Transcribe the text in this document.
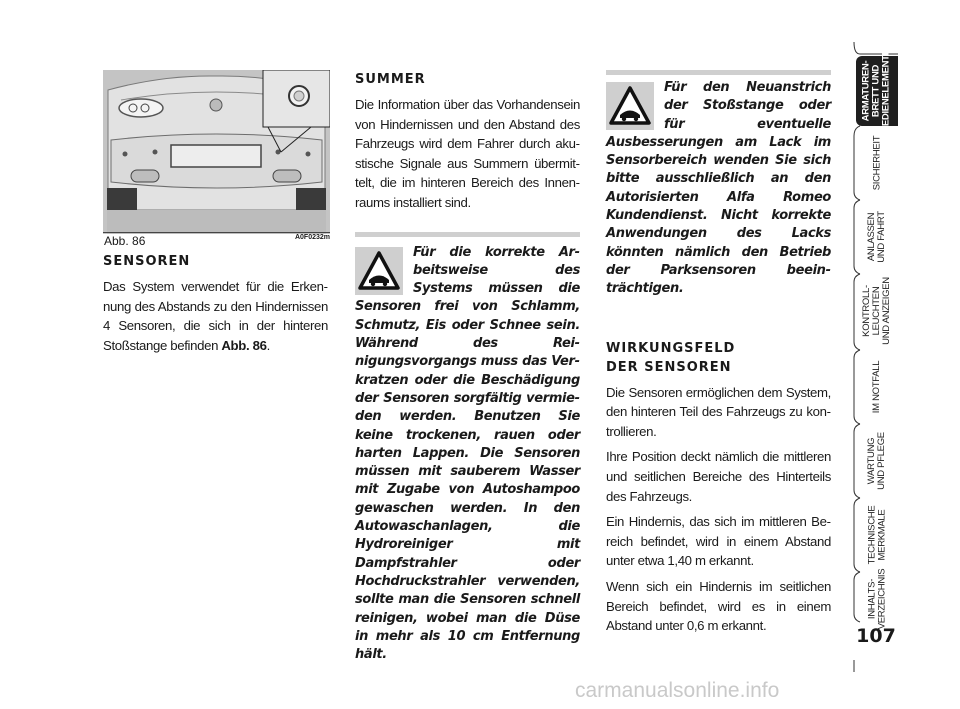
Abb. 86	A0F0232m

SENSOREN

Das System verwendet für die Erkennung des Abstands zu den Hindernissen 4 Sensoren, die sich in der hinteren Stoßstange befinden Abb. 86.

SUMMER

Die Information über das Vorhandensein von Hindernissen und den Abstand des Fahrzeugs wird dem Fahrer durch akustische Signale aus Summern übermittelt, die im hinteren Bereich des Innenraums installiert sind.

Für die korrekte Arbeitsweise des Systems müssen die Sensoren frei von Schlamm, Schmutz, Eis oder Schnee sein. Während des Reinigungsvorgangs muss das Verkratzen oder die Beschädigung der Sensoren sorgfältig vermieden werden. Benutzen Sie keine trockenen, rauen oder harten Lappen. Die Sensoren müssen mit sauberem Wasser mit Zugabe von Autoshampoo gewaschen werden. In den Autowaschanlagen, die Hydroreiniger mit Dampfstrahler oder Hochdruckstrahler verwenden, sollte man die Sensoren schnell reinigen, wobei man die Düse in mehr als 10 cm Entfernung hält.

Für den Neuanstrich der Stoßstange oder für eventuelle Ausbesserungen am Lack im Sensorbereich wenden Sie sich bitte ausschließlich an den Autorisierten Alfa Romeo Kundendienst. Nicht korrekte Anwendungen des Lacks könnten nämlich den Betrieb der Parksensoren beeinträchtigen.

WIRKUNGSFELD

DER SENSOREN

Die Sensoren ermöglichen dem System, den hinteren Teil des Fahrzeugs zu kontrollieren.

Ihre Position deckt nämlich die mittleren und seitlichen Bereiche des Hinterteils des Fahrzeugs.

Ein Hindernis, das sich im mittleren Bereich befindet, wird in einem Abstand unter etwa 1,40 m erkannt.

Wenn sich ein Hindernis im seitlichen Bereich befindet, wird es in einem Abstand unter 0,6 m erkannt.

ARMATUREN-
BRETT UND
BEDIENELEMENTE
SICHERHEIT
ANLASSEN
UND FAHRT
KONTROLL-
LEUCHTEN
UND ANZEIGEN
IM NOTFALL
WARTUNG
UND PFLEGE
TECHNISCHE
MERKMALE
INHALTS-
VERZEICHNIS
107
carmanualsonline.info
